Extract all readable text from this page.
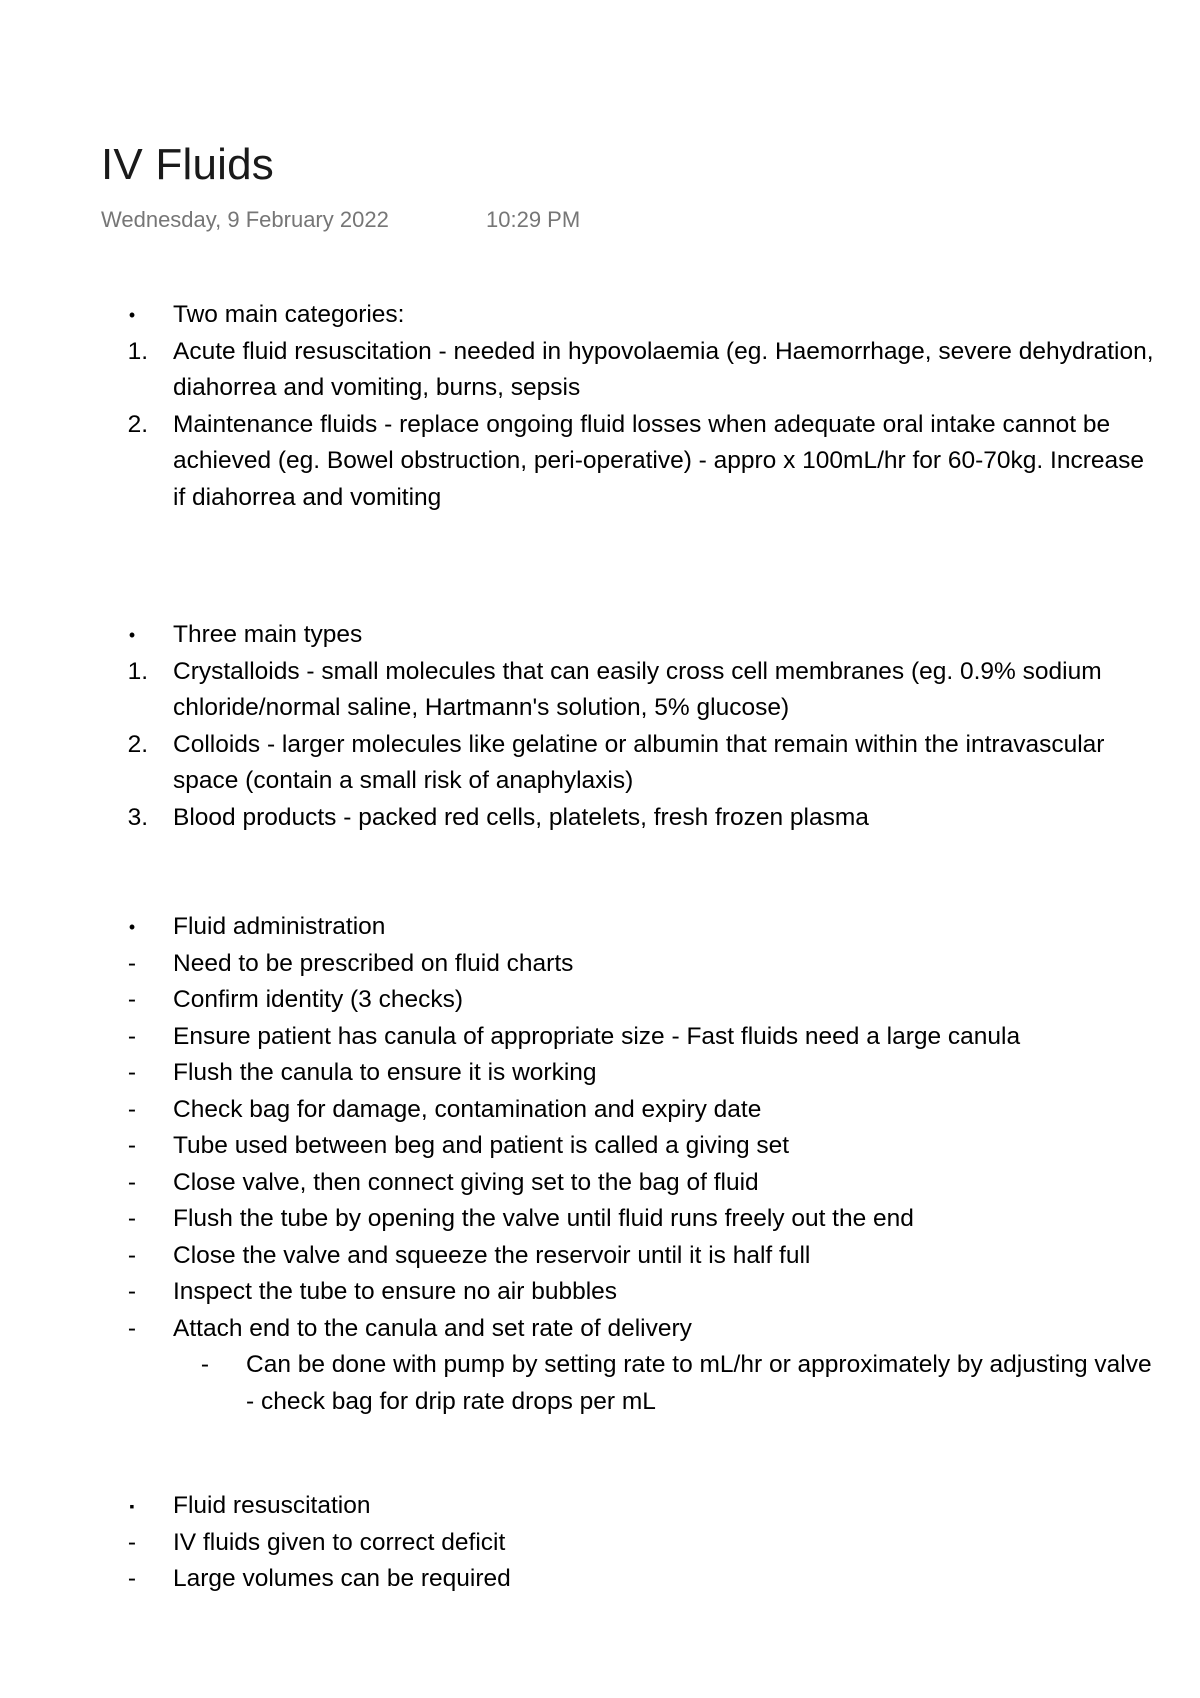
IV Fluids
Wednesday, 9 February 2022	10:29 PM
•	Two main categories:
1. Acute fluid resuscitation - needed in hypovolaemia (eg. Haemorrhage, severe dehydration, diahorrea and vomiting, burns, sepsis
2. Maintenance fluids - replace ongoing fluid losses when adequate oral intake cannot be achieved (eg. Bowel obstruction, peri-operative) - appro x 100mL/hr for 60-70kg. Increase if diahorrea and vomiting
•	Three main types
1. Crystalloids - small molecules that can easily cross cell membranes (eg. 0.9% sodium chloride/normal saline, Hartmann's solution, 5% glucose)
2. Colloids - larger molecules like gelatine or albumin that remain within the intravascular space (contain a small risk of anaphylaxis)
3. Blood products - packed red cells, platelets, fresh frozen plasma
•	Fluid administration
-	Need to be prescribed on fluid charts
-	Confirm identity (3 checks)
-	Ensure patient has canula of appropriate size - Fast fluids need a large canula
-	Flush the canula to ensure it is working
-	Check bag for damage, contamination and expiry date
-	Tube used between beg and patient is called a giving set
-	Close valve, then connect giving set to the bag of fluid
-	Flush the tube by opening the valve until fluid runs freely out the end
-	Close the valve and squeeze the reservoir until it is half full
-	Inspect the tube to ensure no air bubbles
-	Attach end to the canula and set rate of delivery
-	Can be done with pump by setting rate to mL/hr or approximately by adjusting valve - check bag for drip rate drops per mL
▪	Fluid resuscitation
-	IV fluids given to correct deficit
-	Large volumes can be required
